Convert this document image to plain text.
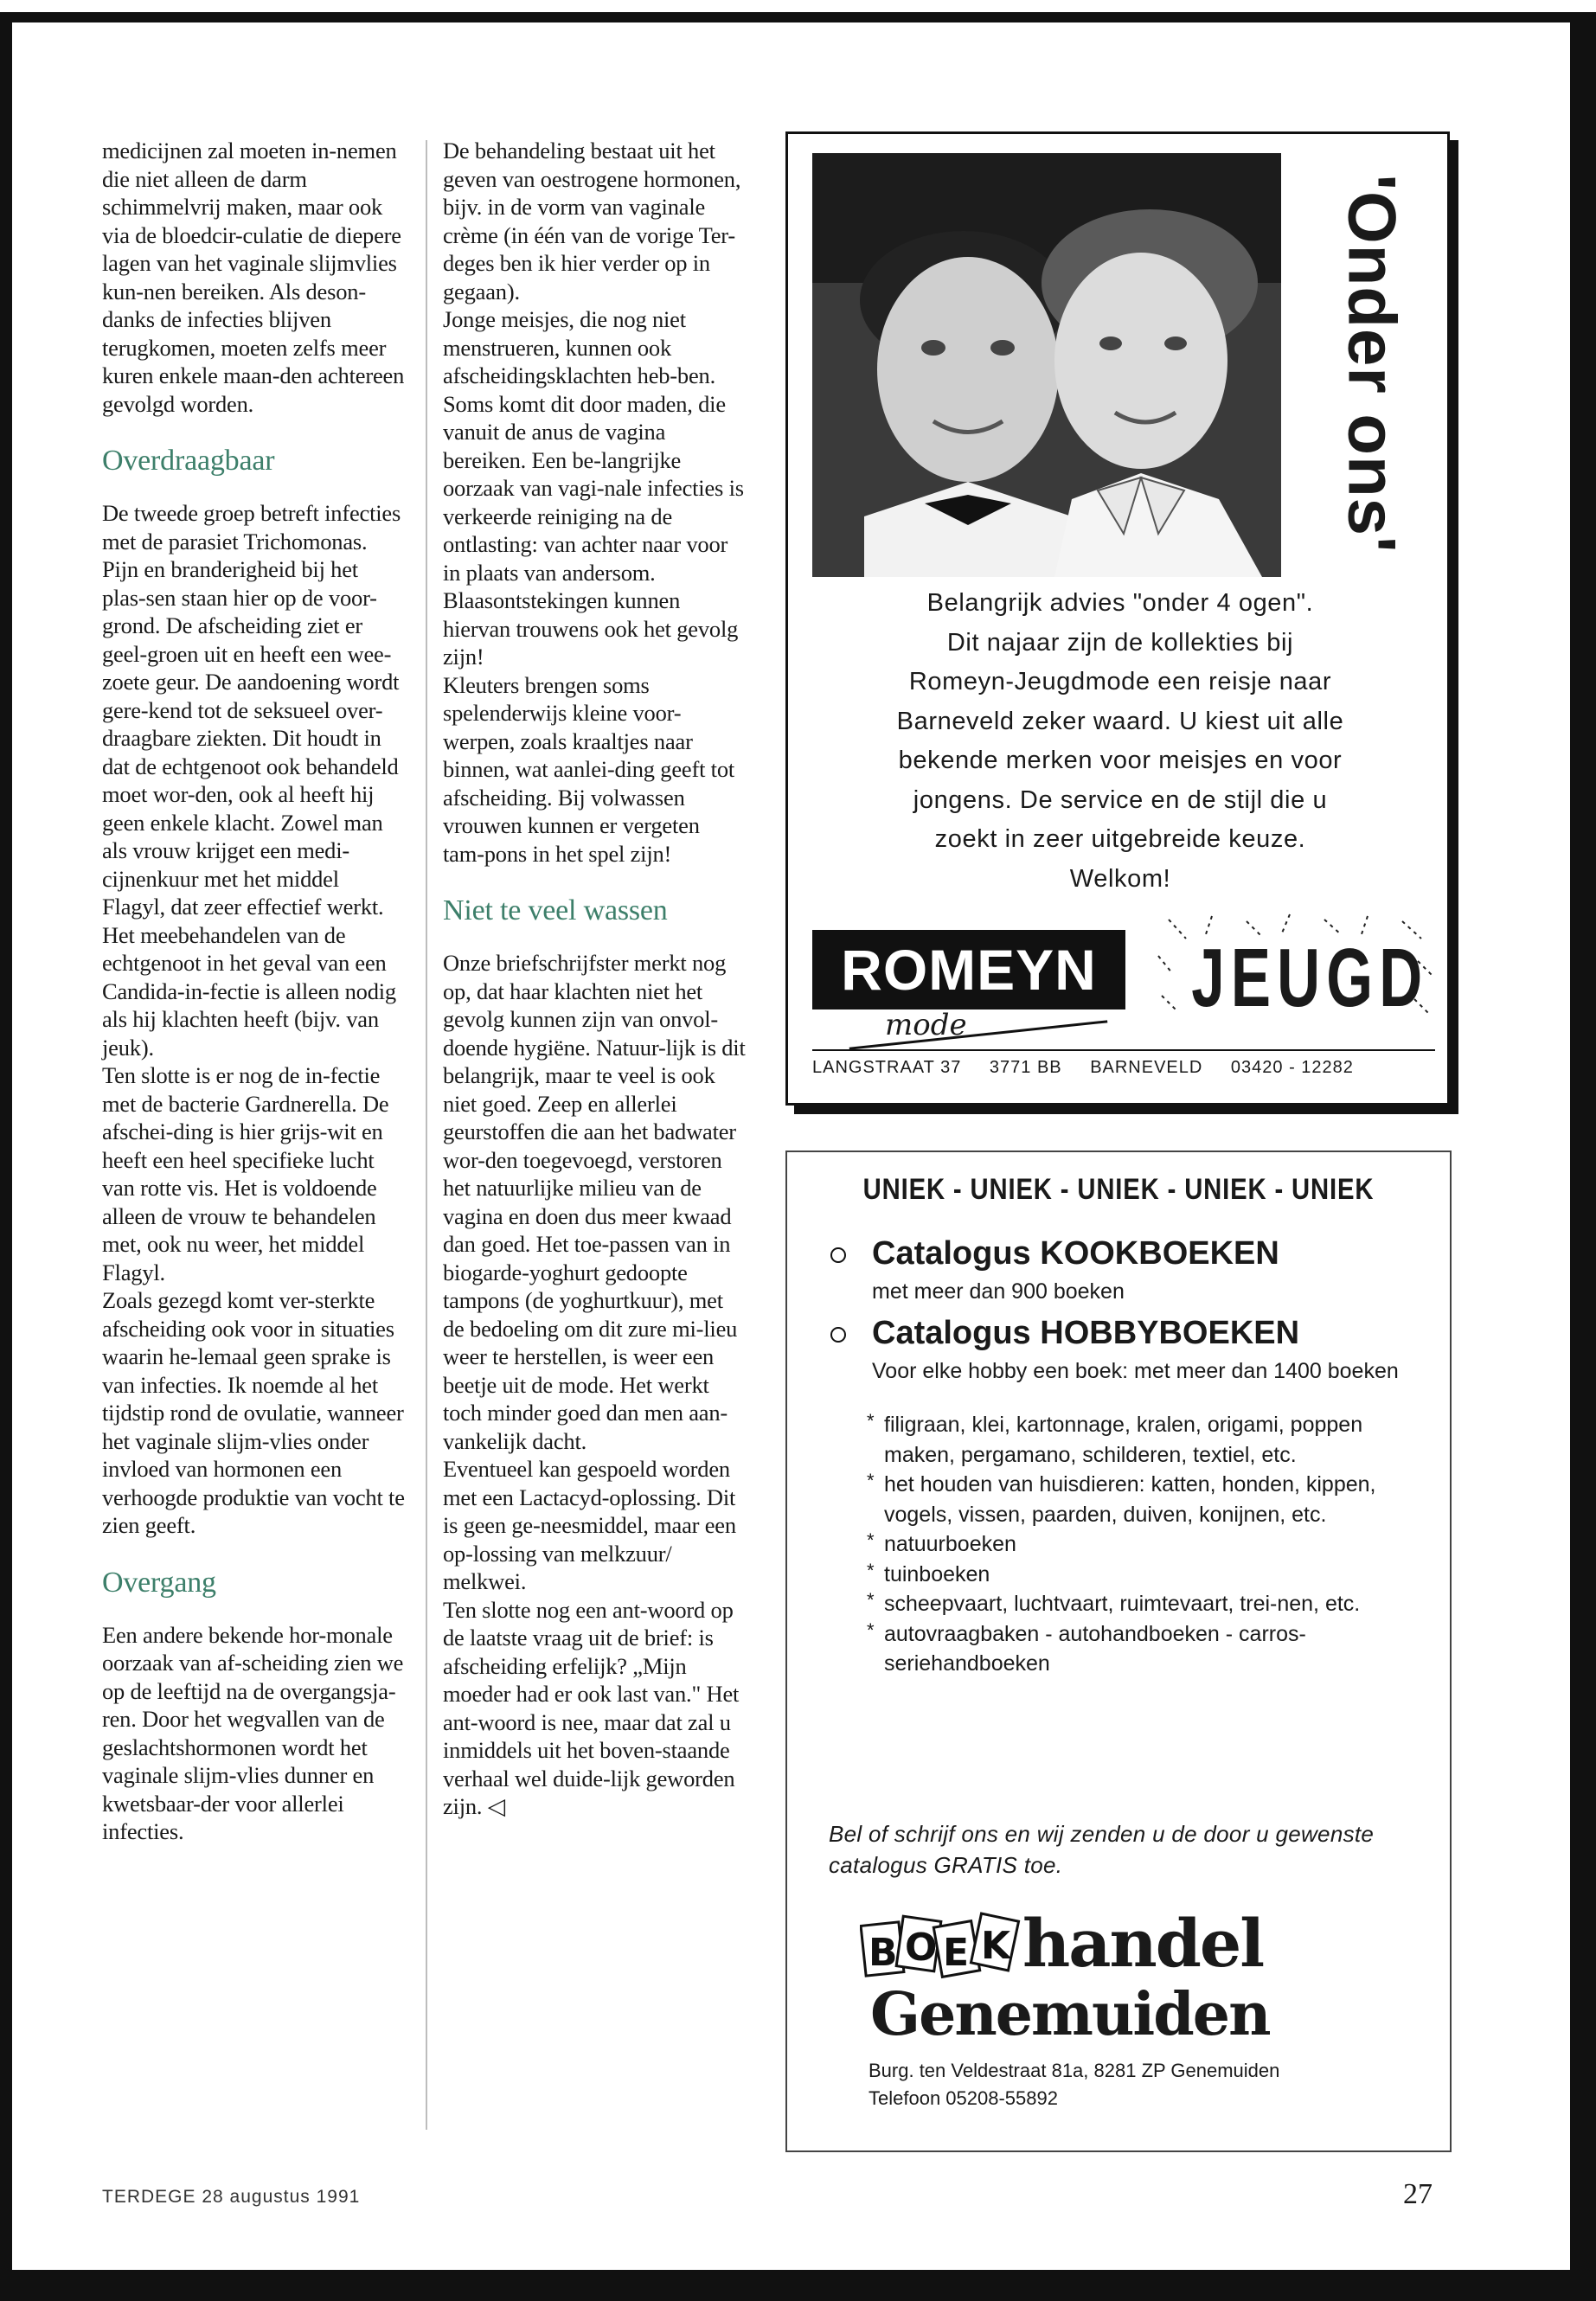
medicijnen zal moeten in-nemen die niet alleen de darm schimmelvrij maken, maar ook via de bloedcir-culatie de diepere lagen van het vaginale slijmvlies kun-nen bereiken. Als deson-danks de infecties blijven terugkomen, moeten zelfs meer kuren enkele maan-den achtereen gevolgd worden.

Overdraagbaar

De tweede groep betreft infecties met de parasiet Trichomonas. Pijn en branderigheid bij het plas-sen staan hier op de voor-grond. De afscheiding ziet er geel-groen uit en heeft een wee-zoete geur. De aandoening wordt gere-kend tot de seksueel over-draagbare ziekten. Dit houdt in dat de echtgenoot ook behandeld moet wor-den, ook al heeft hij geen enkele klacht. Zowel man als vrouw krijget een medi-cijnenkuur met het middel Flagyl, dat zeer effectief werkt. Het meebehandelen van de echtgenoot in het geval van een Candida-in-fectie is alleen nodig als hij klachten heeft (bijv. van jeuk).

Ten slotte is er nog de in-fectie met de bacterie Gardnerella. De afschei-ding is hier grijs-wit en heeft een heel specifieke lucht van rotte vis. Het is voldoende alleen de vrouw te behandelen met, ook nu weer, het middel Flagyl.

Zoals gezegd komt ver-sterkte afscheiding ook voor in situaties waarin he-lemaal geen sprake is van infecties. Ik noemde al het tijdstip rond de ovulatie, wanneer het vaginale slijm-vlies onder invloed van hormonen een verhoogde produktie van vocht te zien geeft.

Overgang

Een andere bekende hor-monale oorzaak van af-scheiding zien we op de leeftijd na de overgangsja-ren. Door het wegvallen van de geslachtshormonen wordt het vaginale slijm-vlies dunner en kwetsbaar-der voor allerlei infecties.

De behandeling bestaat uit het geven van oestrogene hormonen, bijv. in de vorm van vaginale crème (in één van de vorige Ter-deges ben ik hier verder op in gegaan).

Jonge meisjes, die nog niet menstrueren, kunnen ook afscheidingsklachten heb-ben. Soms komt dit door maden, die vanuit de anus de vagina bereiken. Een be-langrijke oorzaak van vagi-nale infecties is verkeerde reiniging na de ontlasting: van achter naar voor in plaats van andersom. Blaasontstekingen kunnen hiervan trouwens ook het gevolg zijn!

Kleuters brengen soms spelenderwijs kleine voor-werpen, zoals kraaltjes naar binnen, wat aanlei-ding geeft tot afscheiding. Bij volwassen vrouwen kunnen er vergeten tam-pons in het spel zijn!

Niet te veel wassen

Onze briefschrijfster merkt nog op, dat haar klachten niet het gevolg kunnen zijn van onvol-doende hygiëne. Natuur-lijk is dit belangrijk, maar te veel is ook niet goed. Zeep en allerlei geurstoffen die aan het badwater wor-den toegevoegd, verstoren het natuurlijke milieu van de vagina en doen dus meer kwaad dan goed. Het toe-passen van in biogarde-yoghurt gedoopte tampons (de yoghurtkuur), met de bedoeling om dit zure mi-lieu weer te herstellen, is weer een beetje uit de mode. Het werkt toch minder goed dan men aan-vankelijk dacht.

Eventueel kan gespoeld worden met een Lactacyd-oplossing. Dit is geen ge-neesmiddel, maar een op-lossing van melkzuur/ melkwei.

Ten slotte nog een ant-woord op de laatste vraag uit de brief: is afscheiding erfelijk? „Mijn moeder had er ook last van." Het ant-woord is nee, maar dat zal u inmiddels uit het boven-staande verhaal wel duide-lijk geworden zijn. ◁

'Onder ons'

Belangrijk advies "onder 4 ogen".

Dit najaar zijn de kollekties bij

Romeyn-Jeugdmode een reisje naar

Barneveld zeker waard. U kiest uit alle

bekende merken voor meisjes en voor

jongens. De service en de stijl die u

zoekt in zeer uitgebreide keuze.

Welkom!

ROMEYN
mode
JEUGD
LANGSTRAAT 37 3771 BB BARNEVELD 03420 - 12282
UNIEK - UNIEK - UNIEK - UNIEK - UNIEK
Catalogus KOOKBOEKEN
met meer dan 900 boeken
Catalogus HOBBYBOEKEN
Voor elke hobby een boek: met meer dan 1400 boeken
* filigraan, klei, kartonnage, kralen, origami, poppen maken, pergamano, schilderen, textiel, etc.
* het houden van huisdieren: katten, honden, kippen, vogels, vissen, paarden, duiven, konijnen, etc.
* natuurboeken
* tuinboeken
* scheepvaart, luchtvaart, ruimtevaart, trei-nen, etc.
* autovraagbaken - autohandboeken - carros-seriehandboeken
Bel of schrijf ons en wij zenden u de door u gewenste catalogus GRATIS toe.
B O E K handel
Genemuiden

Burg. ten Veldestraat 81a, 8281 ZP Genemuiden

Telefoon 05208-55892

TERDEGE 28 augustus 1991	27
